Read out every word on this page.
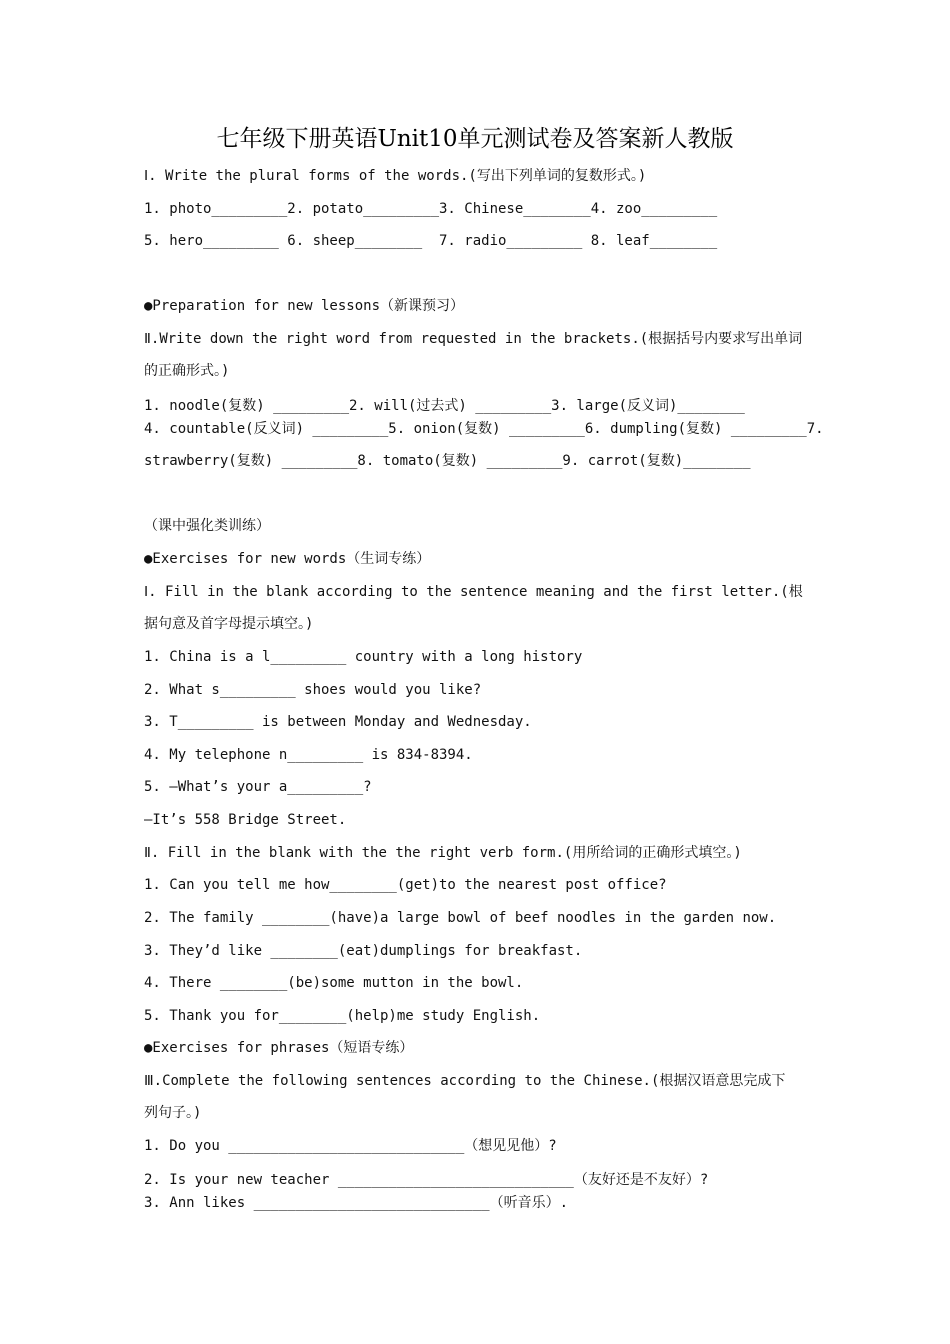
七年级下册英语Unit10单元测试卷及答案新人教版
Ⅰ. Write the plural forms of the words.(写出下列单词的复数形式。)
1. photo_________2. potato_________3. Chinese________4. zoo_________
5. hero_________ 6. sheep________  7. radio_________ 8. leaf________
●Preparation for new lessons（新课预习）
Ⅱ.Write down the right word from requested in the brackets.(根据括号内要求写出单词
的正确形式。)
1. noodle(复数) _________2. will(过去式) _________3. large(反义词)________
4. countable(反义词) _________5. onion(复数) _________6. dumpling(复数) _________7.
strawberry(复数) _________8. tomato(复数) _________9. carrot(复数)________
（课中强化类训练）
●Exercises for new words（生词专练）
Ⅰ. Fill in the blank according to the sentence meaning and the first letter.(根
据句意及首字母提示填空。)
1. China is a l_________ country with a long history
2. What s_________ shoes would you like?
3. T_________ is between Monday and Wednesday.
4. My telephone n_________ is 834-8394.
5. —What’s your a_________?
—It’s 558 Bridge Street.
Ⅱ. Fill in the blank with the the right verb form.(用所给词的正确形式填空。)
1. Can you tell me how________(get)to the nearest post office?
2. The family ________(have)a large bowl of beef noodles in the garden now.
3. They’d like ________(eat)dumplings for breakfast.
4. There ________(be)some mutton in the bowl.
5. Thank you for________(help)me study English.
●Exercises for phrases（短语专练）
Ⅲ.Complete the following sentences according to the Chinese.(根据汉语意思完成下
列句子。)
1. Do you ____________________________（想见见他）?
2. Is your new teacher ____________________________（友好还是不友好）?
3. Ann likes ____________________________（听音乐）.
